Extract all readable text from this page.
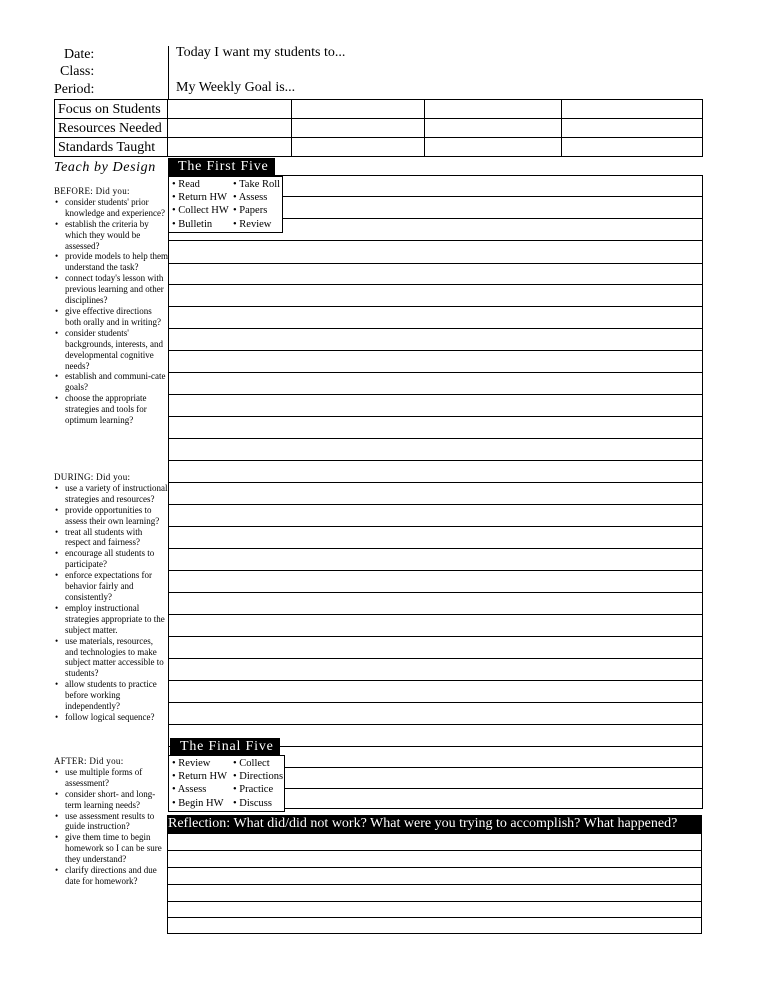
Date:
Class:
Period:
Today I want my students to...
My Weekly Goal is...
Focus on Students				
Resources Needed				
Standards Taught				
Teach by Design
BEFORE: Did you:
• consider students' prior knowledge and experience?
• establish the criteria by which they would be assessed?
• provide models to help them understand the task?
• connect today's lesson with previous learning and other disciplines?
• give effective directions both orally and in writing?
• consider students' backgrounds, interests, and developmental cognitive needs?
• establish and communi-cate goals?
• choose the appropriate strategies and tools for optimum learning?
DURING: Did you:
• use a variety of instructional strategies and resources?
• provide opportunities to assess their own learning?
• treat all students with respect and fairness?
• encourage all students to participate?
• enforce expectations for behavior fairly and consistently?
• employ instructional strategies appropriate to the subject matter.
• use materials, resources, and technologies to make subject matter accessible to students?
• allow students to practice before working independently?
• follow logical sequence?
AFTER: Did you:
• use multiple forms of assessment?
• consider short- and long-term learning needs?
• use assessment results to guide instruction?
• give them time to begin homework so I can be sure they understand?
• clarify directions and due date for homework?
The First Five
• Read	• Take Roll
• Return HW • Assess
• Collect HW • Papers
• Bulletin	• Review
The Final Five
• Review	• Collect
• Return HW • Directions
• Assess	• Practice
• Begin HW • Discuss
Reflection: What did/did not work? What were you trying to accomplish? What happened?
